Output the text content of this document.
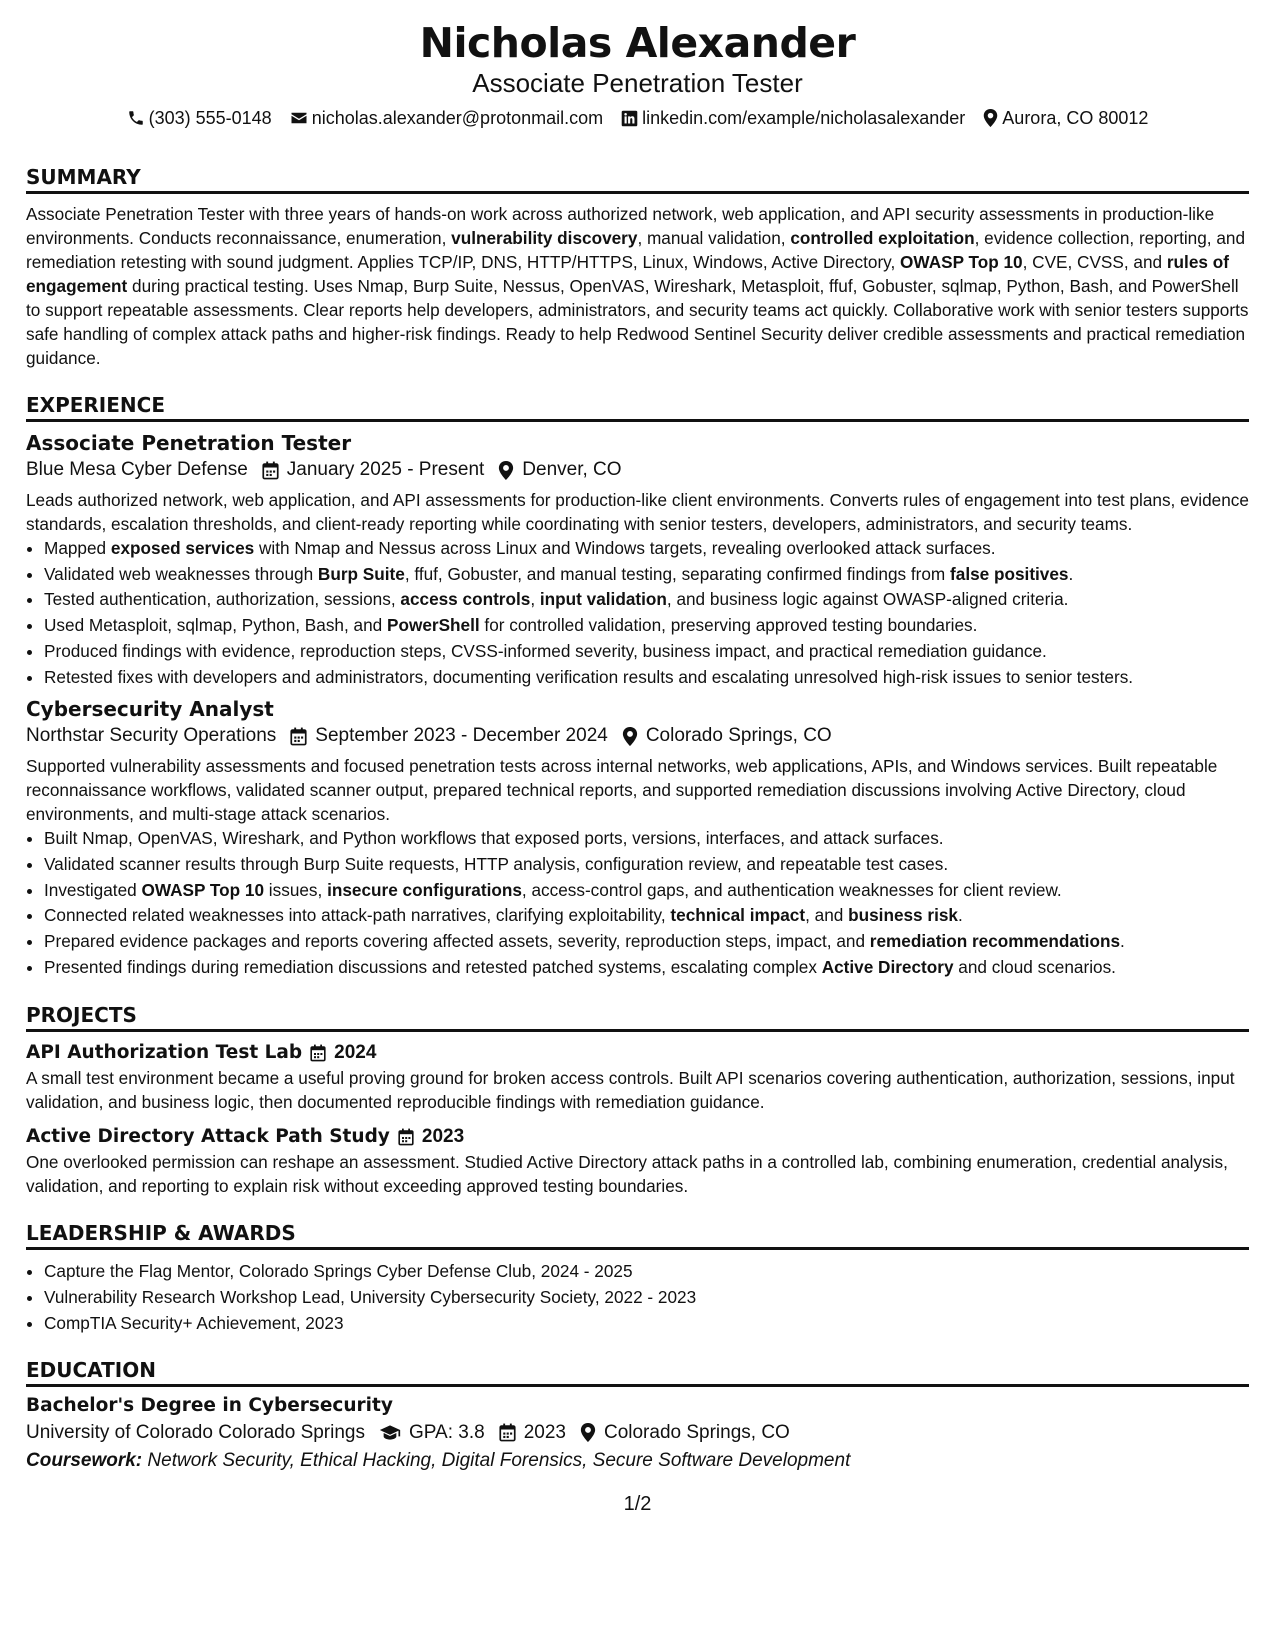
Nicholas Alexander
Associate Penetration Tester
(303) 555-0148 nicholas.alexander@protonmail.com linkedin.com/example/nicholasalexander Aurora, CO 80012
SUMMARY

Associate Penetration Tester with three years of hands-on work across authorized network, web application, and API security assessments in production-like environments. Conducts reconnaissance, enumeration, vulnerability discovery, manual validation, controlled exploitation, evidence collection, reporting, and remediation retesting with sound judgment. Applies TCP/IP, DNS, HTTP/HTTPS, Linux, Windows, Active Directory, OWASP Top 10, CVE, CVSS, and rules of engagement during practical testing. Uses Nmap, Burp Suite, Nessus, OpenVAS, Wireshark, Metasploit, ffuf, Gobuster, sqlmap, Python, Bash, and PowerShell to support repeatable assessments. Clear reports help developers, administrators, and security teams act quickly. Collaborative work with senior testers supports safe handling of complex attack paths and higher-risk findings. Ready to help Redwood Sentinel Security deliver credible assessments and practical remediation guidance.

EXPERIENCE
Associate Penetration Tester
Blue Mesa Cyber Defense January 2025 - Present Denver, CO

Leads authorized network, web application, and API assessments for production-like client environments. Converts rules of engagement into test plans, evidence standards, escalation thresholds, and client-ready reporting while coordinating with senior testers, developers, administrators, and security teams.

• Mapped exposed services with Nmap and Nessus across Linux and Windows targets, revealing overlooked attack surfaces.
• Validated web weaknesses through Burp Suite, ffuf, Gobuster, and manual testing, separating confirmed findings from false positives.
• Tested authentication, authorization, sessions, access controls, input validation, and business logic against OWASP-aligned criteria.
• Used Metasploit, sqlmap, Python, Bash, and PowerShell for controlled validation, preserving approved testing boundaries.
• Produced findings with evidence, reproduction steps, CVSS-informed severity, business impact, and practical remediation guidance.
• Retested fixes with developers and administrators, documenting verification results and escalating unresolved high-risk issues to senior testers.
Cybersecurity Analyst
Northstar Security Operations September 2023 - December 2024 Colorado Springs, CO

Supported vulnerability assessments and focused penetration tests across internal networks, web applications, APIs, and Windows services. Built repeatable reconnaissance workflows, validated scanner output, prepared technical reports, and supported remediation discussions involving Active Directory, cloud environments, and multi-stage attack scenarios.

• Built Nmap, OpenVAS, Wireshark, and Python workflows that exposed ports, versions, interfaces, and attack surfaces.
• Validated scanner results through Burp Suite requests, HTTP analysis, configuration review, and repeatable test cases.
• Investigated OWASP Top 10 issues, insecure configurations, access-control gaps, and authentication weaknesses for client review.
• Connected related weaknesses into attack-path narratives, clarifying exploitability, technical impact, and business risk.
• Prepared evidence packages and reports covering affected assets, severity, reproduction steps, impact, and remediation recommendations.
• Presented findings during remediation discussions and retested patched systems, escalating complex Active Directory and cloud scenarios.
PROJECTS
API Authorization Test Lab 2024

A small test environment became a useful proving ground for broken access controls. Built API scenarios covering authentication, authorization, sessions, input validation, and business logic, then documented reproducible findings with remediation guidance.

Active Directory Attack Path Study 2023

One overlooked permission can reshape an assessment. Studied Active Directory attack paths in a controlled lab, combining enumeration, credential analysis, validation, and reporting to explain risk without exceeding approved testing boundaries.

LEADERSHIP & AWARDS
• Capture the Flag Mentor, Colorado Springs Cyber Defense Club, 2024 - 2025
• Vulnerability Research Workshop Lead, University Cybersecurity Society, 2022 - 2023
• CompTIA Security+ Achievement, 2023
EDUCATION
Bachelor's Degree in Cybersecurity
University of Colorado Colorado Springs GPA: 3.8 2023 Colorado Springs, CO
Coursework: Network Security, Ethical Hacking, Digital Forensics, Secure Software Development
1/2
